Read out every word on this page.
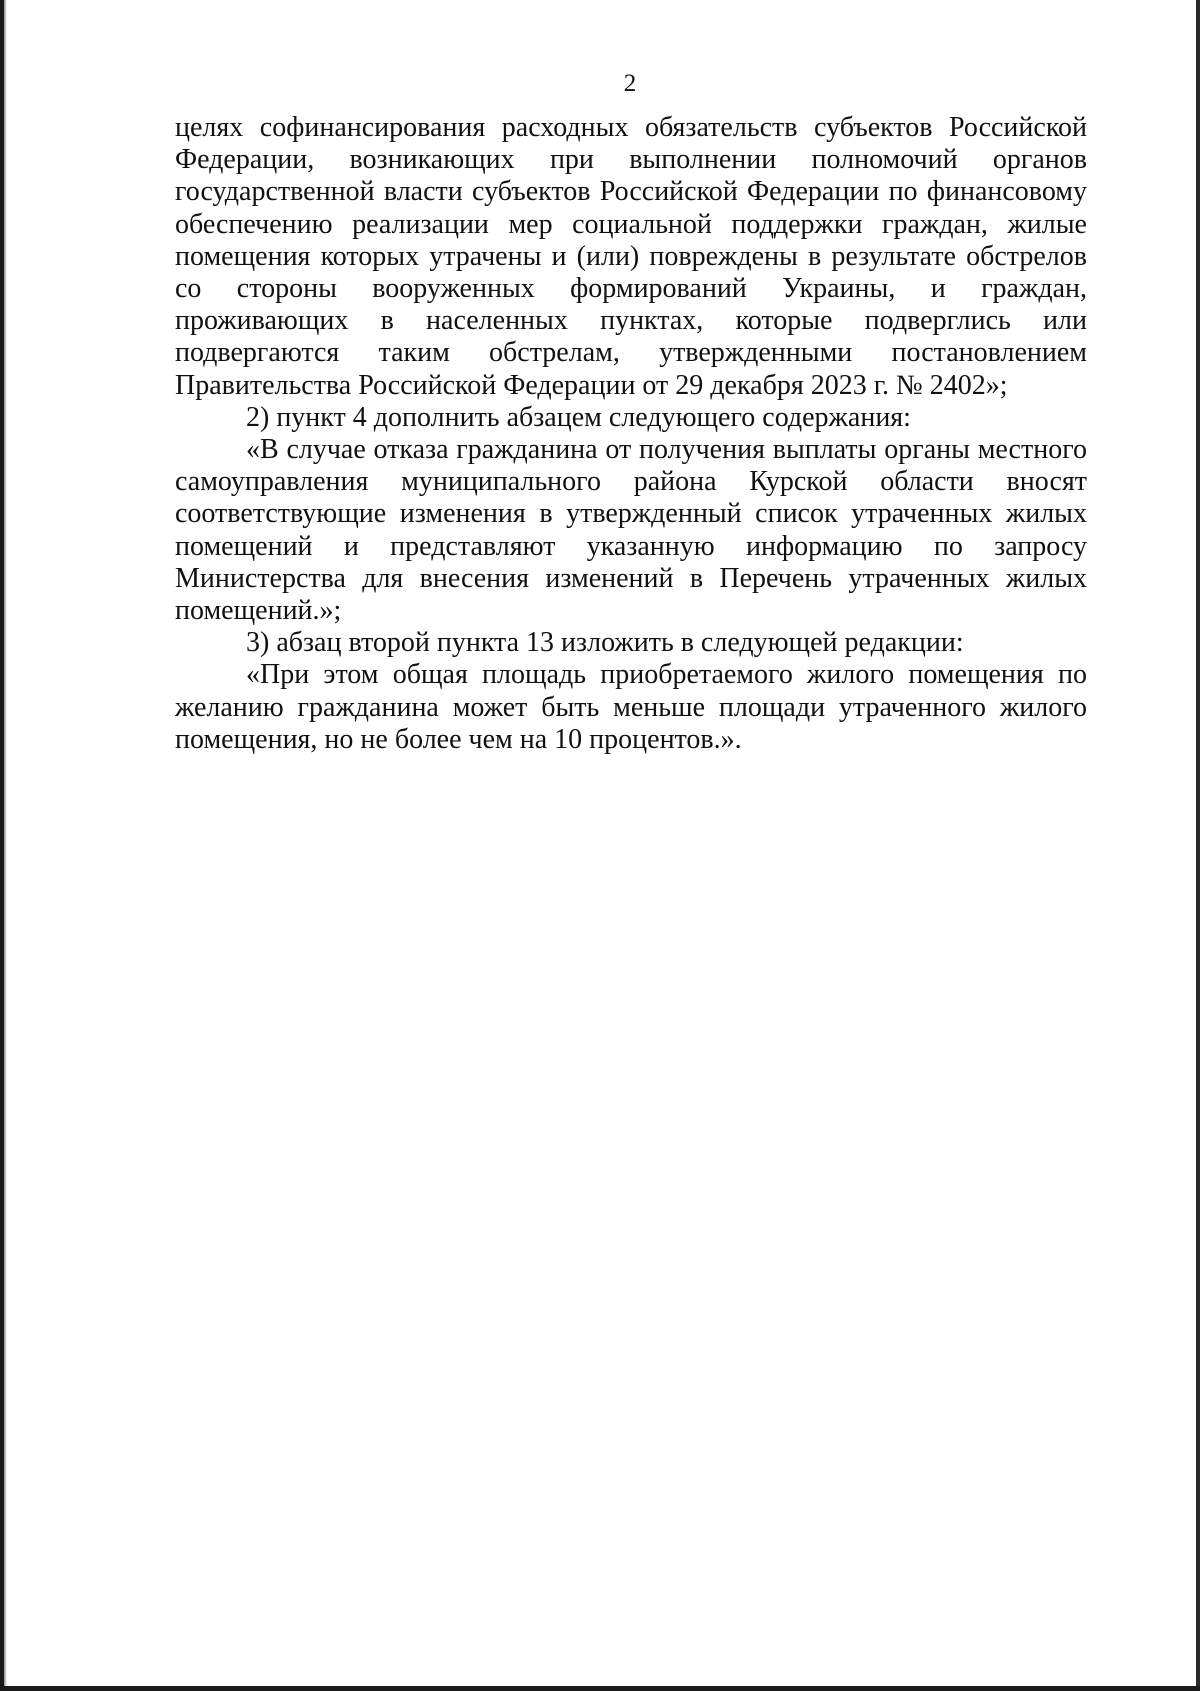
2

целях софинансирования расходных обязательств субъектов Российской Федерации, возникающих при выполнении полномочий органов государственной власти субъектов Российской Федерации по финансовому обеспечению реализации мер социальной поддержки граждан, жилые помещения которых утрачены и (или) повреждены в результате обстрелов со стороны вооруженных формирований Украины, и граждан, проживающих в населенных пунктах, которые подверглись или подвергаются таким обстрелам, утвержденными постановлением Правительства Российской Федерации от 29 декабря 2023 г. № 2402»;

2) пункт 4 дополнить абзацем следующего содержания:

«В случае отказа гражданина от получения выплаты органы местного самоуправления муниципального района Курской области вносят соответствующие изменения в утвержденный список утраченных жилых помещений и представляют указанную информацию по запросу Министерства для внесения изменений в Перечень утраченных жилых помещений.»;

3) абзац второй пункта 13 изложить в следующей редакции:

«При этом общая площадь приобретаемого жилого помещения по желанию гражданина может быть меньше площади утраченного жилого помещения, но не более чем на 10 процентов.».
